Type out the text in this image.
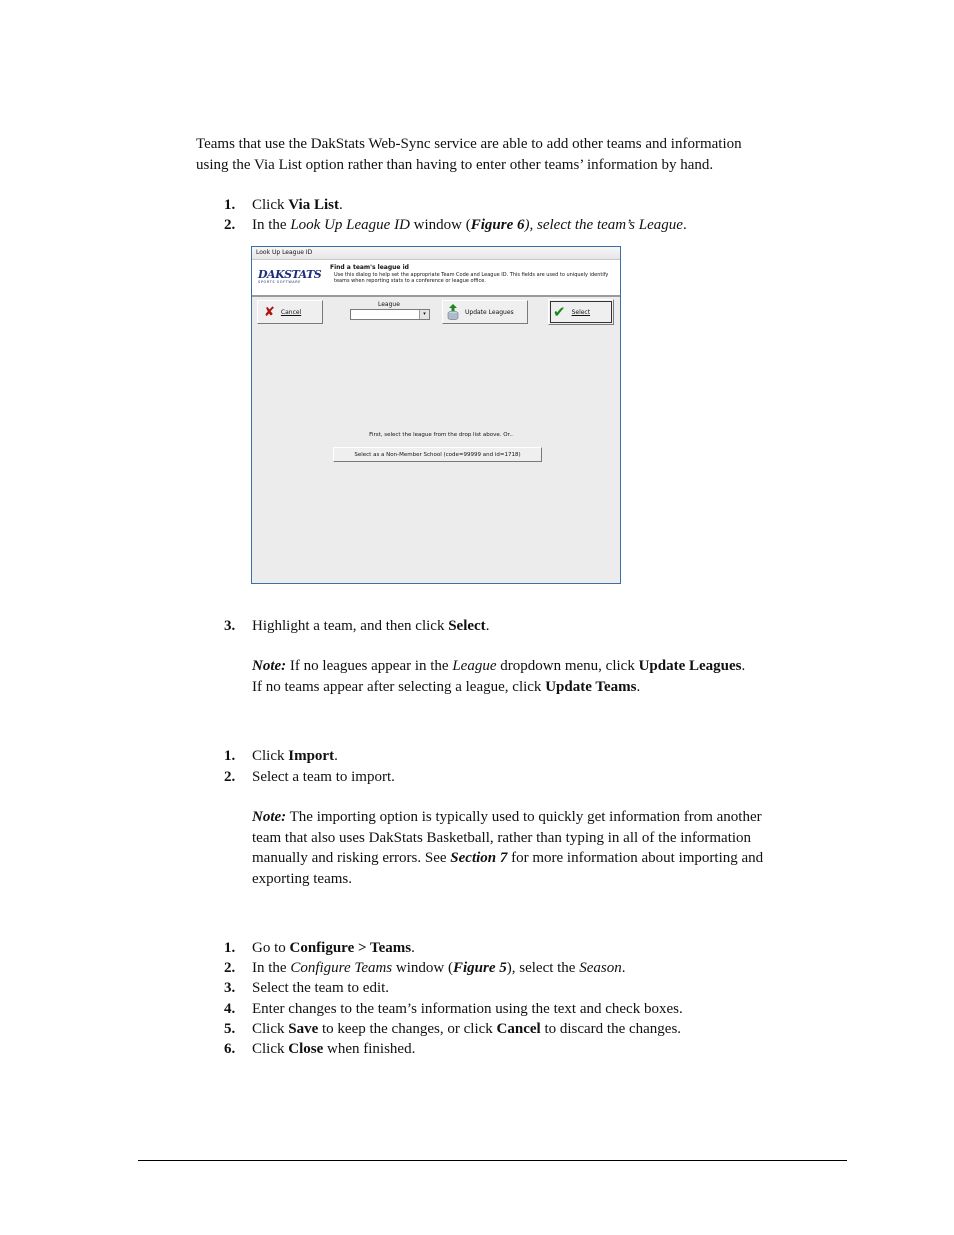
Teams that use the DakStats Web-Sync service are able to add other teams and information
using the Via List option rather than having to enter other teams’ information by hand.

1. Click Via List.
2. In the Look Up League ID window (Figure 6), select the team’s League.
Look Up League ID
DAKSTATS
SPORTS SOFTWARE
Find a team's league id
Use this dialog to help set the appropriate Team Code and League ID. This fields are used to uniquely identify teams when reporting stats to a conference or league office.
✘ Cancel
League
▾	Update Leagues	✔ Select
First, select the league from the drop list above. Or..
Select as a Non-Member School (code=99999 and id=1718)
3. Highlight a team, and then click Select.

Note: If no leagues appear in the League dropdown menu, click Update Leagues.
If no teams appear after selecting a league, click Update Teams.

1. Click Import.
2. Select a team to import.

Note: The importing option is typically used to quickly get information from another
team that also uses DakStats Basketball, rather than typing in all of the information
manually and risking errors. See Section 7 for more information about importing and
exporting teams.

1. Go to Configure > Teams.
2. In the Configure Teams window (Figure 5), select the Season.
3. Select the team to edit.
4. Enter changes to the team’s information using the text and check boxes.
5. Click Save to keep the changes, or click Cancel to discard the changes.
6. Click Close when finished.
